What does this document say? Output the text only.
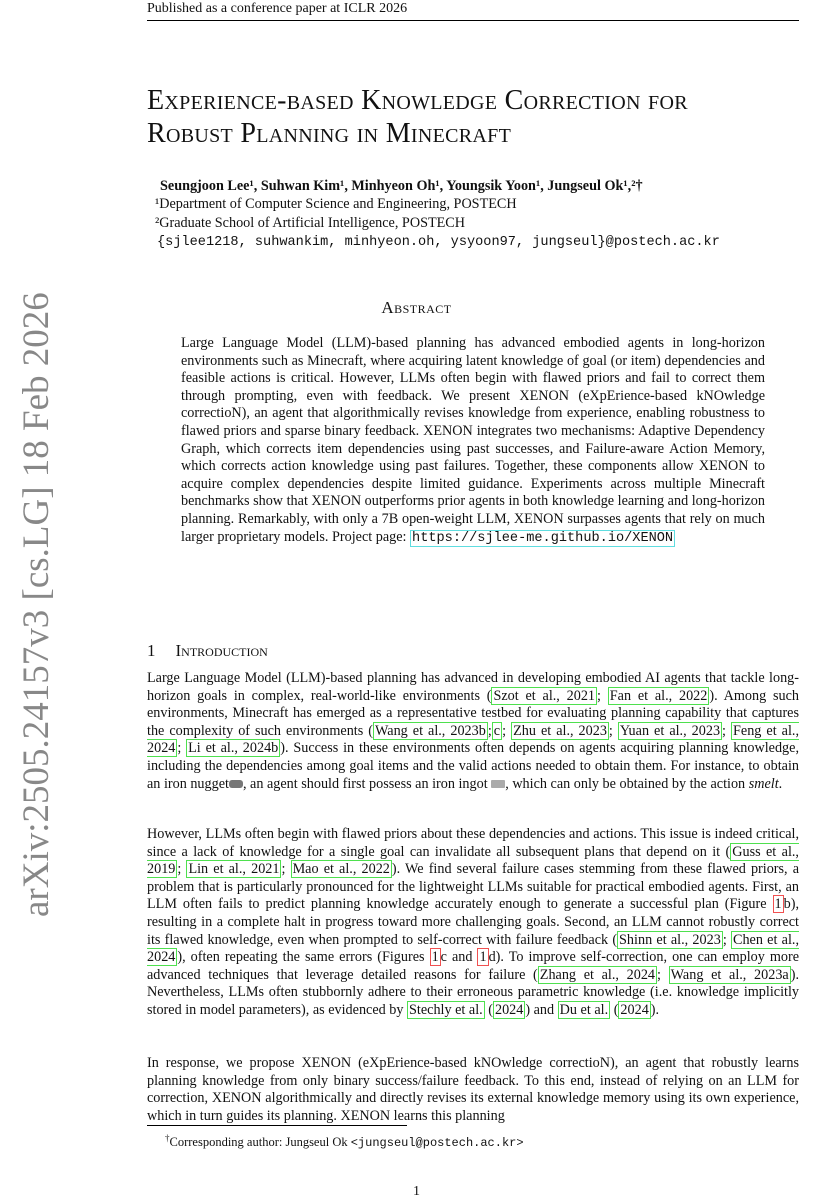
Published as a conference paper at ICLR 2026
arXiv:2505.24157v3 [cs.LG] 18 Feb 2026
Experience-based Knowledge Correction for
Robust Planning in Minecraft
Seungjoon Lee¹, Suhwan Kim¹, Minhyeon Oh¹, Youngsik Yoon¹, Jungseul Ok¹,²†
¹Department of Computer Science and Engineering, POSTECH
²Graduate School of Artificial Intelligence, POSTECH
{sjlee1218, suhwankim, minhyeon.oh, ysyoon97, jungseul}@postech.ac.kr
Abstract
Large Language Model (LLM)-based planning has advanced embodied agents in long-horizon environments such as Minecraft, where acquiring latent knowledge of goal (or item) dependencies and feasible actions is critical. However, LLMs often begin with flawed priors and fail to correct them through prompting, even with feedback. We present XENON (eXpErience-based kNOwledge correctioN), an agent that algorithmically revises knowledge from experience, enabling robustness to flawed priors and sparse binary feedback. XENON integrates two mechanisms: Adaptive Dependency Graph, which corrects item dependencies using past successes, and Failure-aware Action Memory, which corrects action knowledge using past failures. Together, these components allow XENON to acquire complex dependencies despite limited guidance. Experiments across multiple Minecraft benchmarks show that XENON outperforms prior agents in both knowledge learning and long-horizon planning. Remarkably, with only a 7B open-weight LLM, XENON surpasses agents that rely on much larger proprietary models. Project page: https://sjlee-me.github.io/XENON
1 Introduction
Large Language Model (LLM)-based planning has advanced in developing embodied AI agents that tackle long-horizon goals in complex, real-world-like environments ( Szot et al., 2021 ; Fan et al., 2022 ). Among such environments, Minecraft has emerged as a representative testbed for evaluating planning capability that captures the complexity of such environments ( Wang et al., 2023b ; c ; Zhu et al., 2023 ; Yuan et al., 2023 ; Feng et al., 2024 ; Li et al., 2024b ). Success in these environments often depends on agents acquiring planning knowledge, including the dependencies among goal items and the valid actions needed to obtain them. For instance, to obtain an iron nugget , an agent should first possess an iron ingot , which can only be obtained by the action smelt.
However, LLMs often begin with flawed priors about these dependencies and actions. This issue is indeed critical, since a lack of knowledge for a single goal can invalidate all subsequent plans that depend on it ( Guss et al., 2019 ; Lin et al., 2021 ; Mao et al., 2022 ). We find several failure cases stemming from these flawed priors, a problem that is particularly pronounced for the lightweight LLMs suitable for practical embodied agents. First, an LLM often fails to predict planning knowledge accurately enough to generate a successful plan (Figure 1 b), resulting in a complete halt in progress toward more challenging goals. Second, an LLM cannot robustly correct its flawed knowledge, even when prompted to self-correct with failure feedback ( Shinn et al., 2023 ; Chen et al., 2024 ), often repeating the same errors (Figures 1 c and 1 d). To improve self-correction, one can employ more advanced techniques that leverage detailed reasons for failure ( Zhang et al., 2024 ; Wang et al., 2023a ). Nevertheless, LLMs often stubbornly adhere to their erroneous parametric knowledge (i.e. knowledge implicitly stored in model parameters), as evidenced by Stechly et al. ( 2024 ) and Du et al. ( 2024 ).
In response, we propose XENON (eXpErience-based kNOwledge correctioN), an agent that robustly learns planning knowledge from only binary success/failure feedback. To this end, instead of relying on an LLM for correction, XENON algorithmically and directly revises its external knowledge memory using its own experience, which in turn guides its planning. XENON learns this planning
†Corresponding author: Jungseul Ok <jungseul@postech.ac.kr>
1
